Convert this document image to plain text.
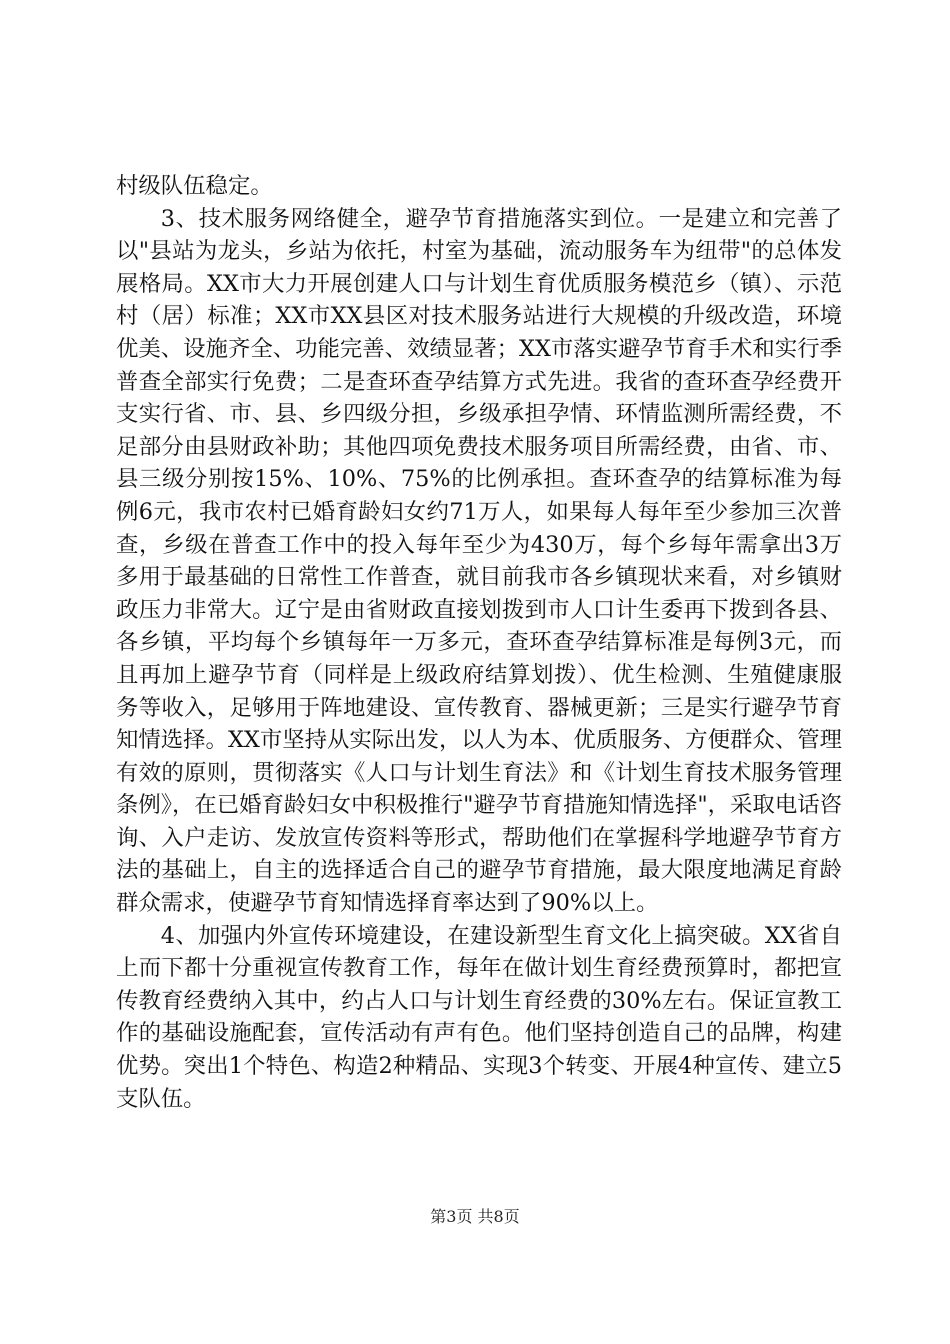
村级队伍稳定。

3、技术服务网络健全，避孕节育措施落实到位。一是建立和完善了以"县站为龙头，乡站为依托，村室为基础，流动服务车为纽带"的总体发展格局。XX市大力开展创建人口与计划生育优质服务模范乡（镇）、示范村（居）标准；XX市XX县区对技术服务站进行大规模的升级改造，环境优美、设施齐全、功能完善、效绩显著；XX市落实避孕节育手术和实行季普查全部实行免费；二是查环查孕结算方式先进。我省的查环查孕经费开支实行省、市、县、乡四级分担，乡级承担孕情、环情监测所需经费，不足部分由县财政补助；其他四项免费技术服务项目所需经费，由省、市、县三级分别按15%、10%、75%的比例承担。查环查孕的结算标准为每例6元，我市农村已婚育龄妇女约71万人，如果每人每年至少参加三次普查，乡级在普查工作中的投入每年至少为430万，每个乡每年需拿出3万多用于最基础的日常性工作普查，就目前我市各乡镇现状来看，对乡镇财政压力非常大。辽宁是由省财政直接划拨到市人口计生委再下拨到各县、各乡镇，平均每个乡镇每年一万多元，查环查孕结算标准是每例3元，而且再加上避孕节育（同样是上级政府结算划拨）、优生检测、生殖健康服务等收入，足够用于阵地建设、宣传教育、器械更新；三是实行避孕节育知情选择。XX市坚持从实际出发，以人为本、优质服务、方便群众、管理有效的原则，贯彻落实《人口与计划生育法》和《计划生育技术服务管理条例》，在已婚育龄妇女中积极推行"避孕节育措施知情选择"，采取电话咨询、入户走访、发放宣传资料等形式，帮助他们在掌握科学地避孕节育方法的基础上，自主的选择适合自己的避孕节育措施，最大限度地满足育龄群众需求，使避孕节育知情选择育率达到了90%以上。

4、加强内外宣传环境建设，在建设新型生育文化上搞突破。XX省自上而下都十分重视宣传教育工作，每年在做计划生育经费预算时，都把宣传教育经费纳入其中，约占人口与计划生育经费的30%左右。保证宣教工作的基础设施配套，宣传活动有声有色。他们坚持创造自己的品牌，构建优势。突出1个特色、构造2种精品、实现3个转变、开展4种宣传、建立5支队伍。

第3页 共8页
